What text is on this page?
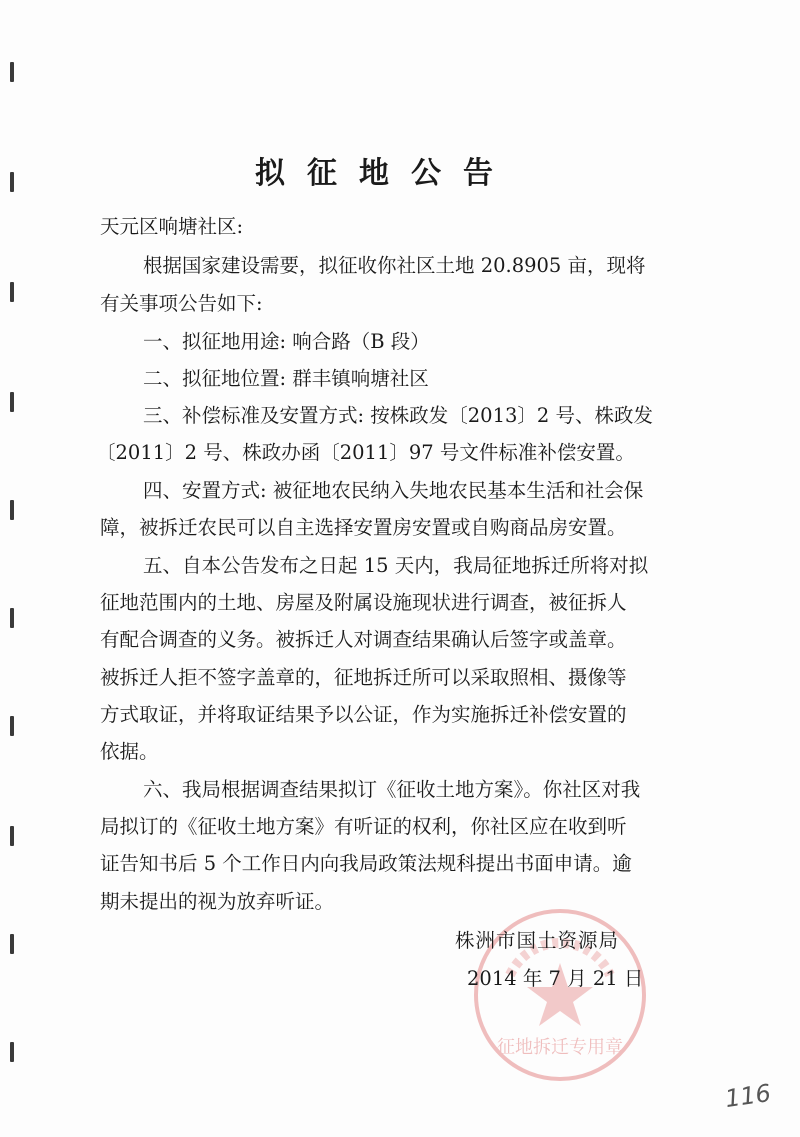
拟征地公告
天元区响塘社区:
根据国家建设需要，拟征收你社区土地 20.8905 亩，现将
有关事项公告如下:
一、拟征地用途: 响合路（B 段）
二、拟征地位置: 群丰镇响塘社区
三、补偿标准及安置方式: 按株政发〔2013〕2 号、株政发
〔2011〕2 号、株政办函〔2011〕97 号文件标准补偿安置。
四、安置方式: 被征地农民纳入失地农民基本生活和社会保
障，被拆迁农民可以自主选择安置房安置或自购商品房安置。
五、自本公告发布之日起 15 天内，我局征地拆迁所将对拟
征地范围内的土地、房屋及附属设施现状进行调查，被征拆人
有配合调查的义务。被拆迁人对调查结果确认后签字或盖章。
被拆迁人拒不签字盖章的，征地拆迁所可以采取照相、摄像等
方式取证，并将取证结果予以公证，作为实施拆迁补偿安置的
依据。
六、我局根据调查结果拟订《征收土地方案》。你社区对我
局拟订的《征收土地方案》有听证的权利，你社区应在收到听
证告知书后 5 个工作日内向我局政策法规科提出书面申请。逾
期未提出的视为放弃听证。
征地拆迁专用章
株洲市国土资源局
2014 年 7 月 21 日
116
